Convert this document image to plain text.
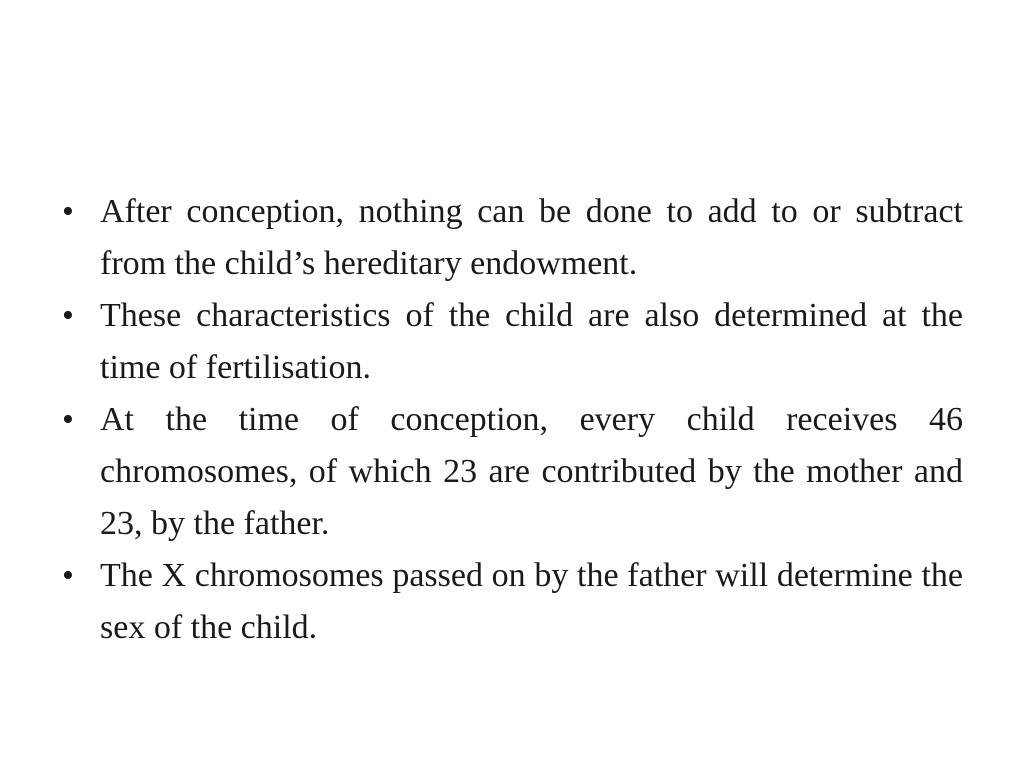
• After conception, nothing can be done to add to or subtract from the child’s hereditary endowment.
• These characteristics of the child are also determined at the time of fertilisation.
• At the time of conception, every child receives 46 chromosomes, of which 23 are contributed by the mother and 23, by the father.
• The X chromosomes passed on by the father will determine the sex of the child.
